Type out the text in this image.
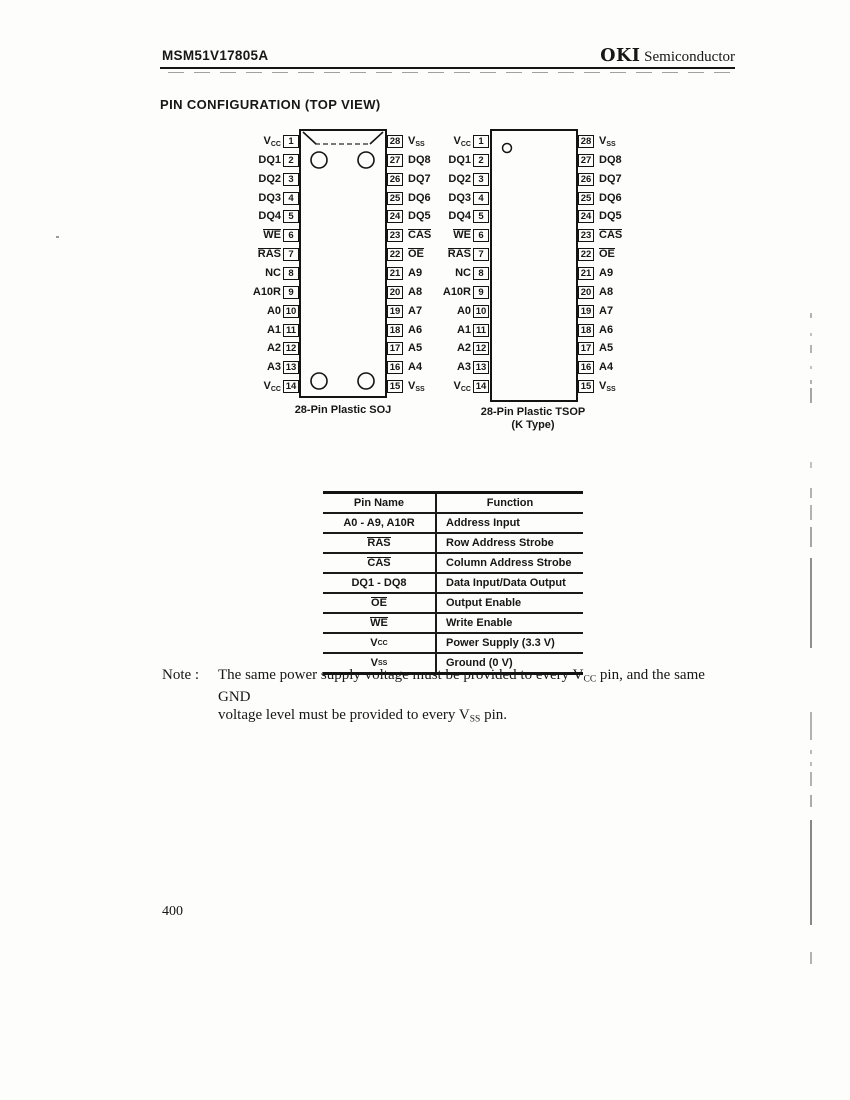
MSM51V17805A	OKI Semiconductor
PIN CONFIGURATION (TOP VIEW)
$V_{CC}$ 1	28 $V_{SS}$
DQ1 2	27 DQ8
DQ2 3	26 DQ7
DQ3 4	25 DQ6
DQ4 5	24 DQ5
WE 6	23 CAS
RAS 7	22 OE
NC 8	21 A9
A10R 9	20 A8
A0 10	19 A7
A1 11	18 A6
A2 12	17 A5
A3 13	16 A4
$V_{CC}$ 14	15 $V_{SS}$
$V_{CC}$ 1	28 $V_{SS}$
DQ1 2	27 DQ8
DQ2 3	26 DQ7
DQ3 4	25 DQ6
DQ4 5	24 DQ5
WE 6	23 CAS
RAS 7	22 OE
NC 8	21 A9
A10R 9	20 A8
A0 10	19 A7
A1 11	18 A6
A2 12	17 A5
A3 13	16 A4
$V_{CC}$ 14	15 $V_{SS}$
28-Pin Plastic SOJ	28-Pin Plastic TSOP
(K Type)
Pin Name	Function
A0 - A9, A10R	Address Input
RAS	Row Address Strobe
CAS	Column Address Strobe
DQ1 - DQ8	Data Input/Data Output
OE	Output Enable
WE	Write Enable
V CC	Power Supply (3.3 V)
V SS	Ground (0 V)
Note : The same power supply voltage must be provided to every $V_{CC}$ pin, and the same GND
voltage level must be provided to every $V_{SS}$ pin.
400
